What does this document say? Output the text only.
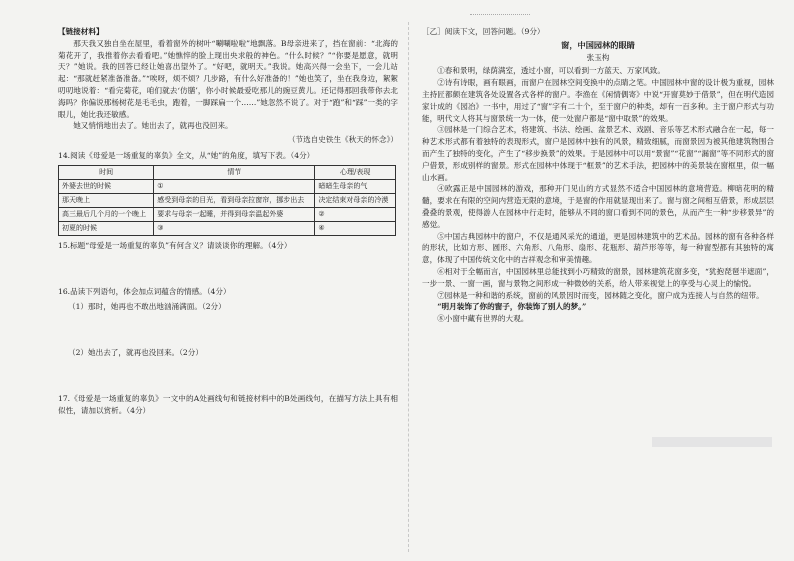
【链接材料】

那天我又独自坐在屋里，看着窗外的树叶“唰唰啦啦”地飘落。B母亲进来了，挡在窗前：“北海的菊花开了，我推着你去看看吧。”她憔悴的脸上现出央求般的神色。“什么时候？”“你要是愿意，就明天？”她说。我的回答已经让她喜出望外了。“好吧，就明天。”我说。她高兴得一会坐下，一会儿站起：“那就赶紧准备准备。”“唉呀，烦不烦？几步路，有什么好准备的！”她也笑了，坐在我身边，絮絮叨叨地说着：“看完菊花，咱们就去‘仿膳’，你小时候最爱吃那儿的豌豆黄儿。还记得那回我带你去北海吗？你偏说那杨树花是毛毛虫，跑着，一脚踩扁一个……”她忽然不说了。对于“跑”和“踩”一类的字眼儿，她比我还敏感。

她又悄悄地出去了。她出去了，就再也没回来。

（节选自史铁生《秋天的怀念》）

14.阅读《母爱是一场重复的辜负》全文，从“她”的角度，填写下表。（4分）

时间	情节	心理/表现
外婆去世的时候	①	暗暗生母亲的气
那天晚上	感受到母亲的目光，看到母亲拉窗帘，挪步出去	决定结束对母亲的冷漠
高三最后几个月的一个晚上	要求与母亲一起睡，并得到母亲温起外婆	②
初夏的时候	③	④

15.标题“母爱是一场重复的辜负”有何含义？请谈谈你的理解。（4分）

16.品读下列语句，体会加点词蕴含的情感。（4分）

（1）那时，她再也不敢出地汹涌满面。（2分）

（2）她出去了，就再也没回来。（2分）

17.《母爱是一场重复的辜负》一文中的A处画线句和链接材料中的B处画线句，在描写方法上具有相似性，请加以赏析。（4分）

［乙］阅读下文，回答问题。（9分）

窗，中国园林的眼睛

张玉构

①春和景明，绿荫满室，透过小窗，可以看到一方蓝天、万家风致。

②诗有诗眼，画有眼画，而窗户在园林空间变换中的点睛之笔。中国园林中窗的设计极为重视，园林主持匠都颇在建筑各处设置各式各样的窗户。李渔在《闲情偶寄》中说“开窗莫妙于借景”，但在明代造园家计成的《园冶》一书中，用过了“窗”字有二十个，至于窗户的种类，却有一百多种。主于窗户形式与功能，明代文人将其与窗景统一为一体，使一处窗户都是“窗中取景”的效果。

③园林是一门综合艺术，将建筑、书法、绘画、盆景艺术、戏剧、音乐等艺术形式融合在一起，每一种艺术形式都有着独特的表现形式，窗户是园林中独有的风景，精致细腻，而窗景因为被其他建筑物围合而产生了独特的变化，产生了“移步换景”的效果。于是园林中可以用“景窗”“花窗”“漏窗”等不同形式的窗户借景，形成别样的窗景。形式在园林中体现于“框景”的艺术手法，把园林中的美景装在窗框里，似一幅山水画。

④欧露正是中国园林的游戏，那种开门见山的方式显然不适合中国园林的意境营造。柳暗花明的精髓，要求在有限的空间内营造无限的意境，于是窗的作用就显现出来了。窗与窗之间相互借景，形成层层叠叠的景观，使得游人在园林中行走时，能够从不同的窗口看到不同的景色，从而产生一种“步移景异”的感觉。

⑤中国古典园林中的窗户，不仅是通风采光的通道，更是园林建筑中的艺术品。园林的窗有各种各样的形状，比如方形、圆形、六角形、八角形、扇形、花瓶形、葫芦形等等，每一种窗型都有其独特的寓意，体现了中国传统文化中的吉祥观念和审美情趣。

⑥相对于全幅而言，中国园林里总能找到小巧精致的窗景，园林建筑花窗多变，“犹抱琵琶半遮面”，一步一景、一窗一画，窗与景物之间形成一种微妙的关系，给人带来视觉上的享受与心灵上的愉悦。

⑦园林是一种和谐的系统，窗前的风景因时而变，园林随之变化，窗户成为连接人与自然的纽带。

“明月装饰了你的窗子，你装饰了别人的梦。”

⑧小窗中藏有世界的大观。
